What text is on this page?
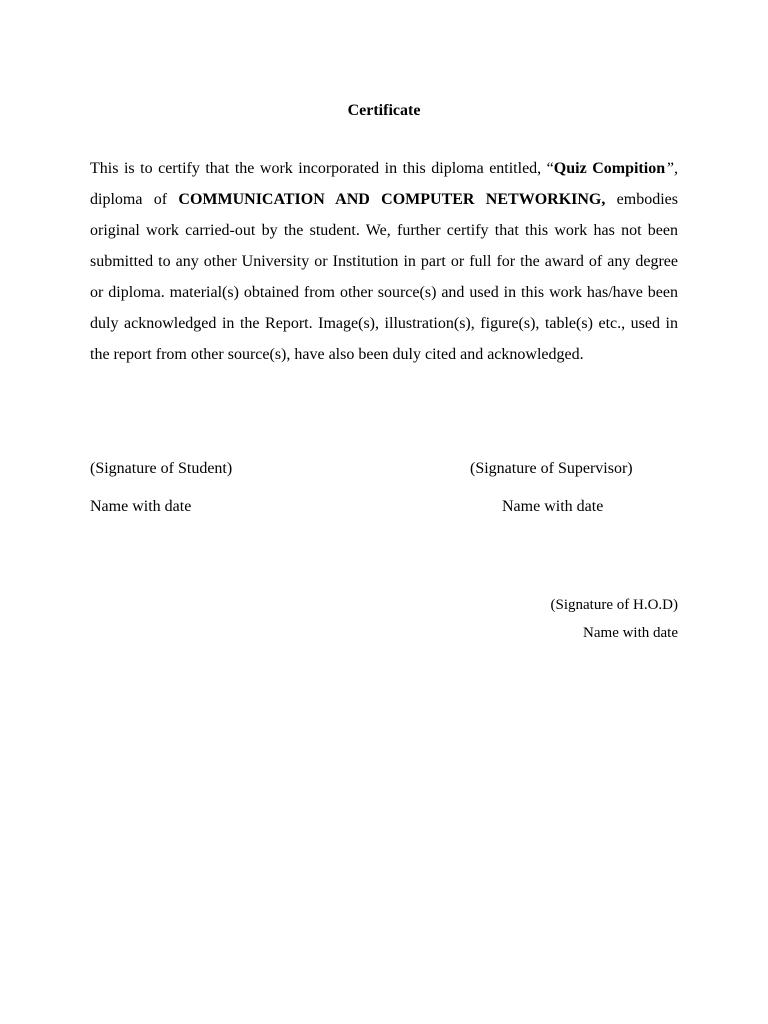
Certificate

This is to certify that the work incorporated in this diploma entitled, “Quiz Compition”, diploma of COMMUNICATION AND COMPUTER NETWORKING, embodies original work carried-out by the student. We, further certify that this work has not been submitted to any other University or Institution in part or full for the award of any degree or diploma. material(s) obtained from other source(s) and used in this work has/have been duly acknowledged in the Report. Image(s), illustration(s), figure(s), table(s) etc., used in the report from other source(s), have also been duly cited and acknowledged.

(Signature of Student)
Name with date
(Signature of Supervisor)
Name with date
(Signature of H.O.D)
Name with date
